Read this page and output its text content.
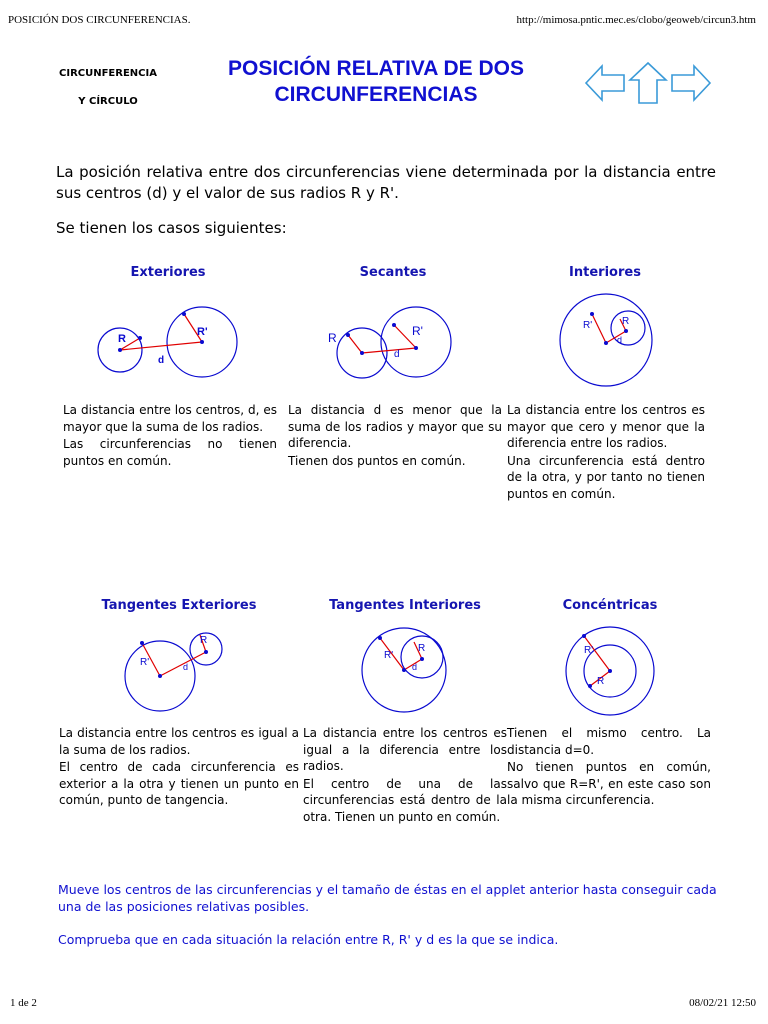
POSICIÓN DOS CIRCUNFERENCIAS.	http://mimosa.pntic.mec.es/clobo/geoweb/circun3.htm
CIRCUNFERENCIA
Y CÍRCULO
POSICIÓN RELATIVA DE DOS
CIRCUNFERENCIAS
La posición relativa entre dos circunferencias viene determinada por la distancia entre sus centros (d) y el valor de sus radios R y R'.
Se tienen los casos siguientes:
Exteriores	Secantes	Interiores
R
R'
d
R	R'
d
R'	R
d

La distancia entre los centros, d, es mayor que la suma de los radios.

Las circunferencias no tienen puntos en común.

La distancia d es menor que la suma de los radios y mayor que su diferencia.

Tienen dos puntos en común.

La distancia entre los centros es mayor que cero y menor que la diferencia entre los radios.

Una circunferencia está dentro de la otra, y por tanto no tienen puntos en común.

Tangentes Exteriores	Tangentes Interiores	Concéntricas
R'
R
d
R'
R
d
R'
R

La distancia entre los centros es igual a la suma de los radios.

El centro de cada circunferencia es exterior a la otra y tienen un punto en común, punto de tangencia.

La distancia entre los centros es igual a la diferencia entre los radios.

El centro de una de las circunferencias está dentro de la otra. Tienen un punto en común.

Tienen el mismo centro. La distancia d=0.

No tienen puntos en común, salvo que R=R', en este caso son la misma circunferencia.

Mueve los centros de las circunferencias y el tamaño de éstas en el applet anterior hasta conseguir cada una de las posiciones relativas posibles.
Comprueba que en cada situación la relación entre R, R' y d es la que se indica.
1 de 2	08/02/21 12:50
